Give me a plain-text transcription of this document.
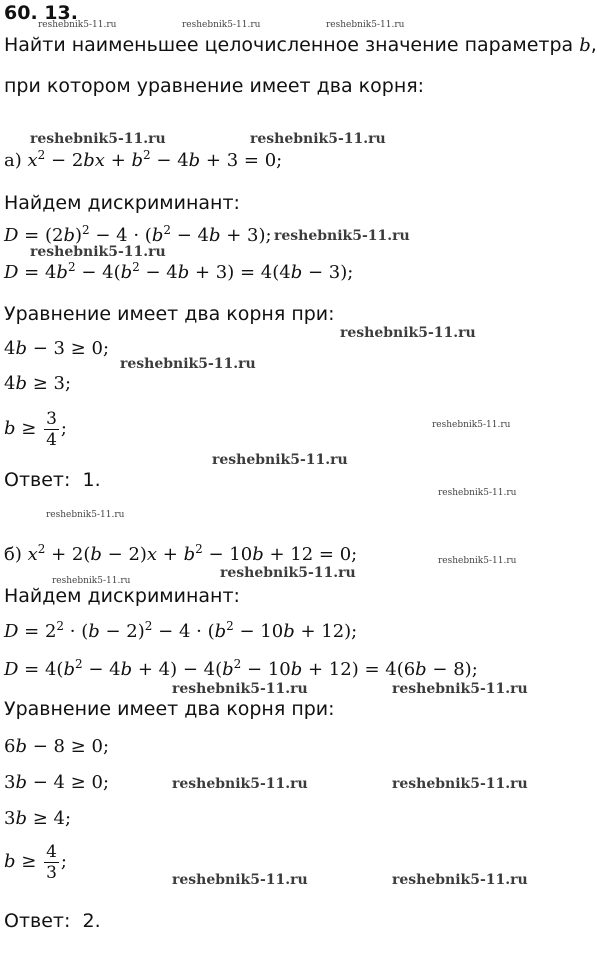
60. 13.
Найти наименьшее целочисленное значение параметра b,
при котором уравнение имеет два корня:
а) $x^2 - 2bx + b^2 - 4b + 3 = 0$;
Найдем дискриминант:
$D = (2b)^2 - 4 \cdot (b^2 - 4b + 3)$;
$D = 4b^2 - 4(b^2 - 4b + 3) = 4(4b - 3)$;
Уравнение имеет два корня при:
4b − 3 ≥ 0;
4b ≥ 3;
$b \ge \frac{3}{4}$ ;
Ответ: 1.
б) $x^2 + 2(b - 2)x + b^2 - 10b + 12 = 0$;
Найдем дискриминант:
$D = 2^2 \cdot (b - 2)^2 - 4 \cdot (b^2 - 10b + 12)$;
$D = 4(b^2 - 4b + 4) - 4(b^2 - 10b + 12) = 4(6b - 8)$;
Уравнение имеет два корня при:
6b − 8 ≥ 0;
3b − 4 ≥ 0;
3b ≥ 4;
$b \ge \frac{4}{3}$ ;
Ответ: 2.
reshebnik5-11.ru	reshebnik5-11.ru	reshebnik5-11.ru
reshebnik5-11.ru	reshebnik5-11.ru
reshebnik5-11.ru
reshebnik5-11.ru
reshebnik5-11.ru
reshebnik5-11.ru
reshebnik5-11.ru
reshebnik5-11.ru
reshebnik5-11.ru
reshebnik5-11.ru
reshebnik5-11.ru
reshebnik5-11.ru
reshebnik5-11.ru
reshebnik5-11.ru	reshebnik5-11.ru
reshebnik5-11.ru	reshebnik5-11.ru
reshebnik5-11.ru	reshebnik5-11.ru
